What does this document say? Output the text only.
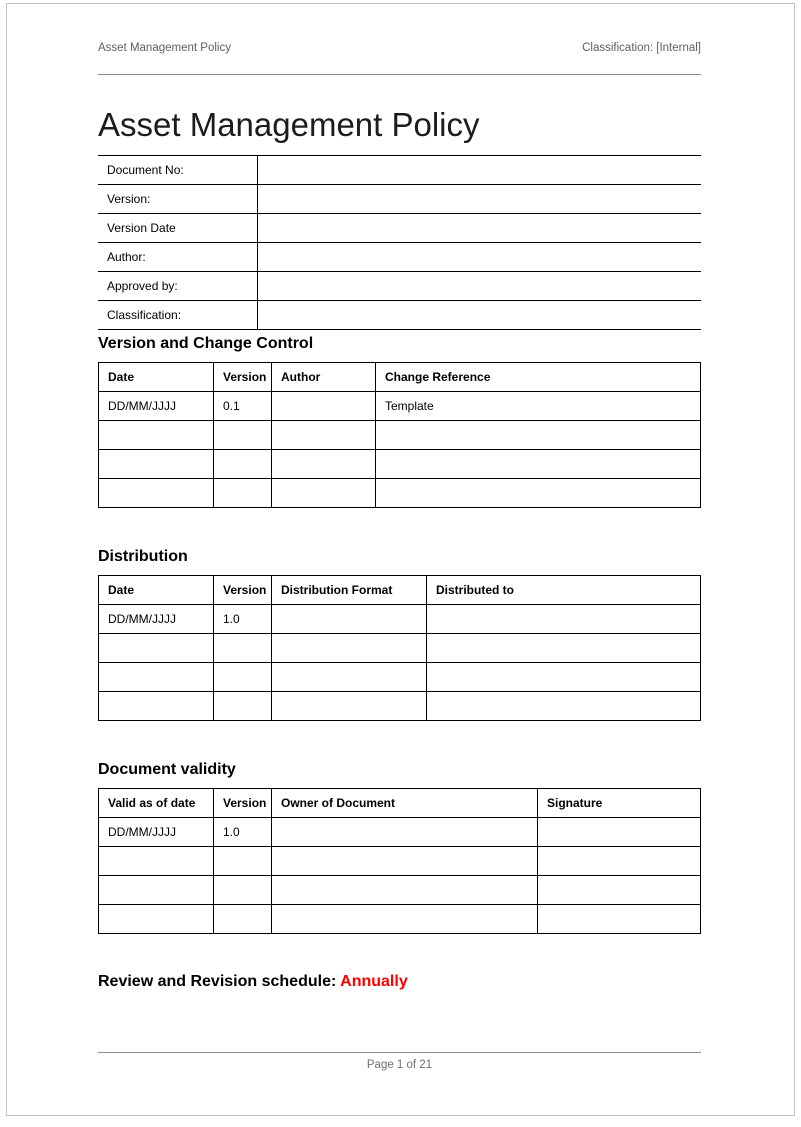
Asset Management Policy	Classification: [Internal]
Asset Management Policy
Document No:	
Version:	
Version Date	
Author:	
Approved by:	
Classification:	
Version and Change Control
Date	Version	Author	Change Reference
DD/MM/JJJJ	0.1		Template

Distribution
Date	Version	Distribution Format	Distributed to
DD/MM/JJJJ	1.0		

Document validity
Valid as of date	Version	Owner of Document	Signature
DD/MM/JJJJ	1.0		

Review and Revision schedule: Annually

Page 1 of 21
